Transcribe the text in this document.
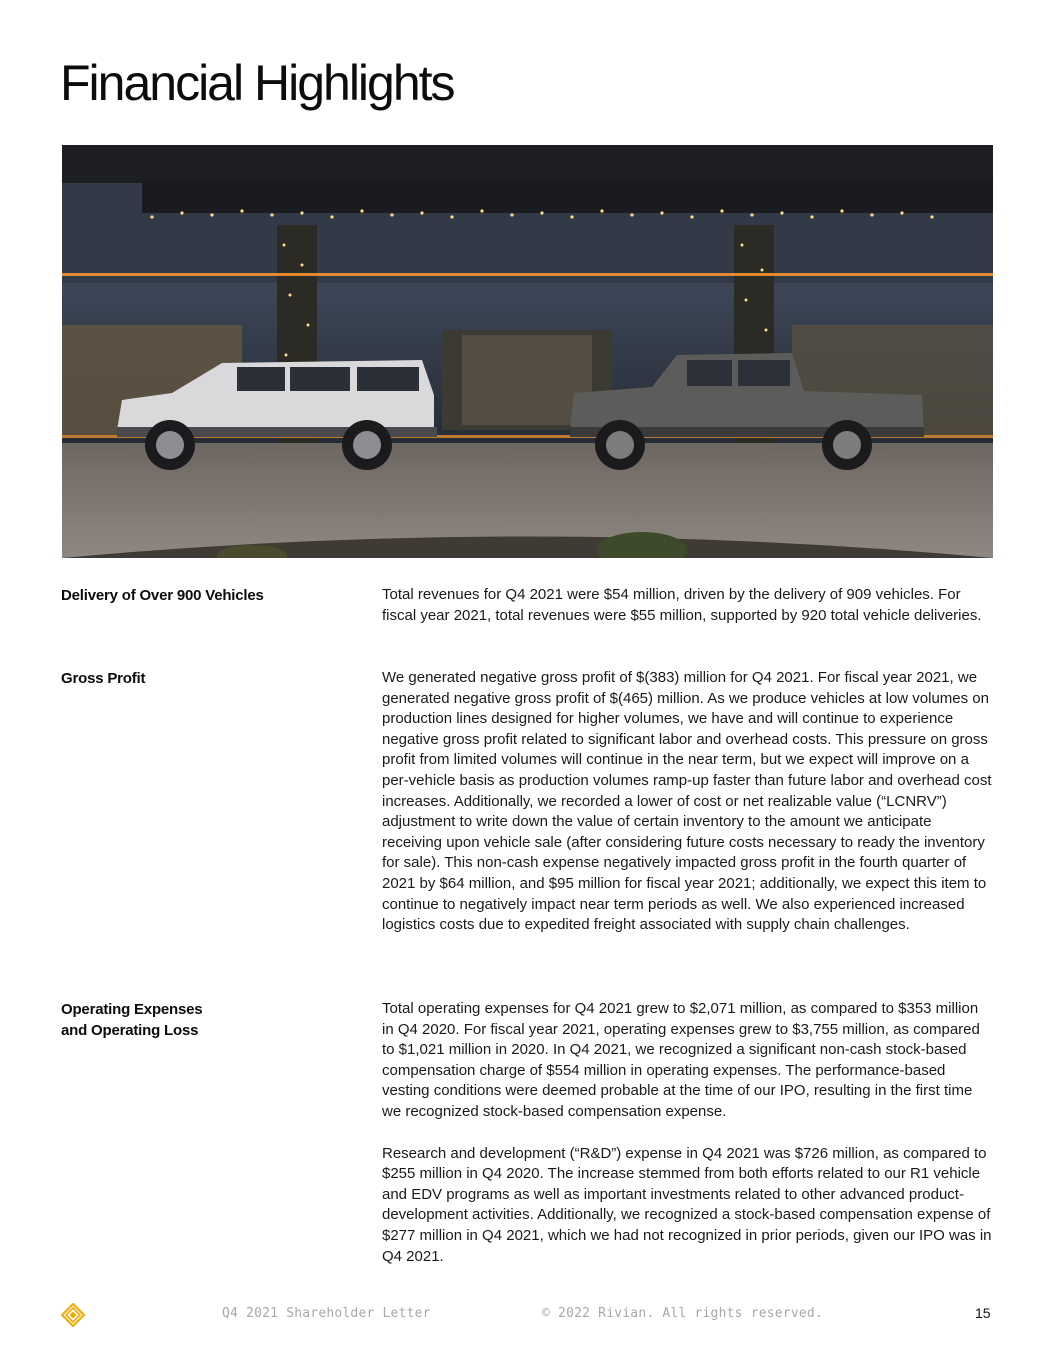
Financial Highlights
Delivery of Over 900 Vehicles	Total revenues for Q4 2021 were $54 million, driven by the delivery of 909 vehicles. For fiscal year 2021, total revenues were $55 million, supported by 920 total vehicle deliveries.

Gross Profit	We generated negative gross profit of $(383) million for Q4 2021. For fiscal year 2021, we generated negative gross profit of $(465) million. As we produce vehicles at low volumes on production lines designed for higher volumes, we have and will continue to experience negative gross profit related to significant labor and overhead costs. This pressure on gross profit from limited volumes will continue in the near term, but we expect will improve on a per-vehicle basis as production volumes ramp-up faster than future labor and overhead cost increases. Additionally, we recorded a lower of cost or net realizable value (“LCNRV”) adjustment to write down the value of certain inventory to the amount we anticipate receiving upon vehicle sale (after considering future costs necessary to ready the inventory for sale). This non-cash expense negatively impacted gross profit in the fourth quarter of 2021 by $64 million, and $95 million for fiscal year 2021; additionally, we expect this item to continue to negatively impact near term periods as well. We also experienced increased logistics costs due to expedited freight associated with supply chain challenges.

Operating Expenses
and Operating Loss

Total operating expenses for Q4 2021 grew to $2,071 million, as compared to $353 million in Q4 2020. For fiscal year 2021, operating expenses grew to $3,755 million, as compared to $1,021 million in 2020. In Q4 2021, we recognized a significant non-cash stock-based compensation charge of $554 million in operating expenses. The performance-based vesting conditions were deemed probable at the time of our IPO, resulting in the first time we recognized stock-based compensation expense.

Research and development (“R&D”) expense in Q4 2021 was $726 million, as compared to $255 million in Q4 2020. The increase stemmed from both efforts related to our R1 vehicle and EDV programs as well as important investments related to other advanced product-development activities. Additionally, we recognized a stock-based compensation expense of $277 million in Q4 2021, which we had not recognized in prior periods, given our IPO was in Q4 2021.

Q4 2021 Shareholder Letter	© 2022 Rivian. All rights reserved.	15
